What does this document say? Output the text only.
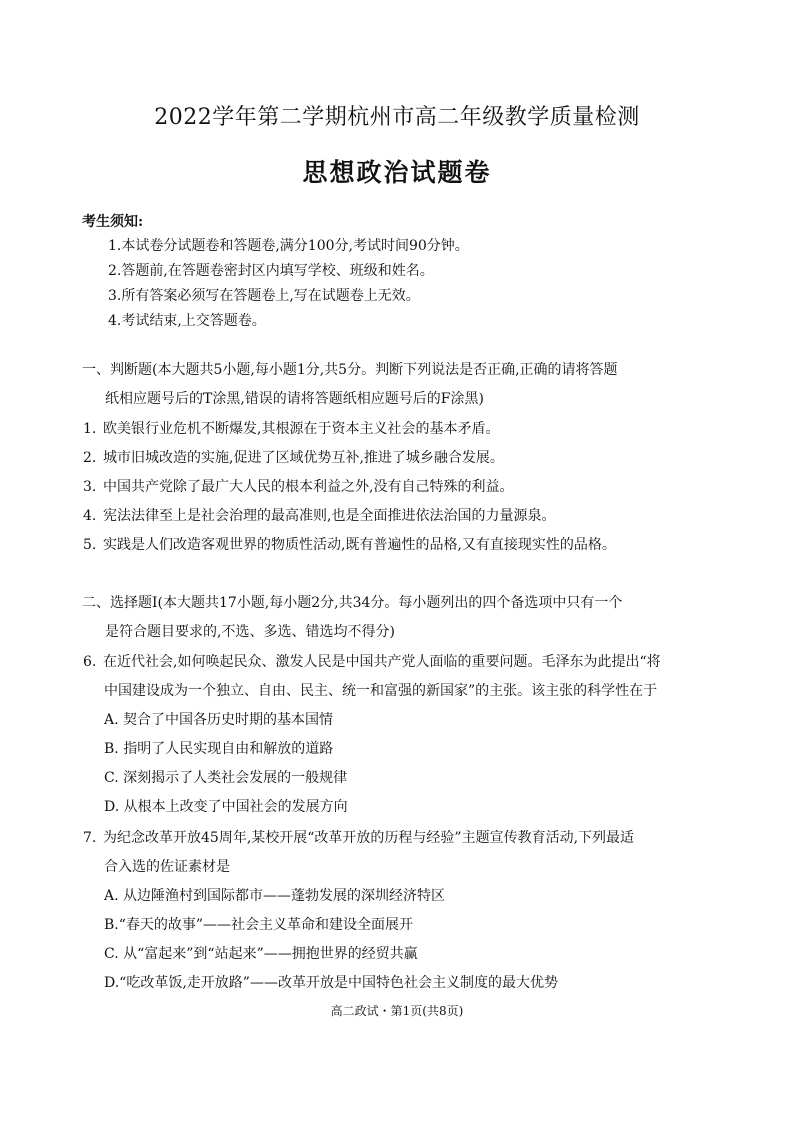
2022学年第二学期杭州市高二年级教学质量检测
思想政治试题卷
考生须知:
1.本试卷分试题卷和答题卷,满分100分,考试时间90分钟。
2.答题前,在答题卷密封区内填写学校、班级和姓名。
3.所有答案必须写在答题卷上,写在试题卷上无效。
4.考试结束,上交答题卷。
一、判断题(本大题共5小题,每小题1分,共5分。判断下列说法是否正确,正确的请将答题
纸相应题号后的T涂黑,错误的请将答题纸相应题号后的F涂黑)
1. 欧美银行业危机不断爆发,其根源在于资本主义社会的基本矛盾。
2. 城市旧城改造的实施,促进了区域优势互补,推进了城乡融合发展。
3. 中国共产党除了最广大人民的根本利益之外,没有自己特殊的利益。
4. 宪法法律至上是社会治理的最高准则,也是全面推进依法治国的力量源泉。
5. 实践是人们改造客观世界的物质性活动,既有普遍性的品格,又有直接现实性的品格。
二、选择题Ⅰ(本大题共17小题,每小题2分,共34分。每小题列出的四个备选项中只有一个
是符合题目要求的,不选、多选、错选均不得分)
6. 在近代社会,如何唤起民众、激发人民是中国共产党人面临的重要问题。毛泽东为此提出“将
中国建设成为一个独立、自由、民主、统一和富强的新国家”的主张。该主张的科学性在于
A. 契合了中国各历史时期的基本国情
B. 指明了人民实现自由和解放的道路
C. 深刻揭示了人类社会发展的一般规律
D. 从根本上改变了中国社会的发展方向
7. 为纪念改革开放45周年,某校开展“改革开放的历程与经验”主题宣传教育活动,下列最适
合入选的佐证素材是
A. 从边陲渔村到国际都市——蓬勃发展的深圳经济特区
B.“春天的故事”——社会主义革命和建设全面展开
C. 从“富起来”到“站起来”——拥抱世界的经贸共赢
D.“吃改革饭,走开放路”——改革开放是中国特色社会主义制度的最大优势
高二政试・第1页(共8页)
